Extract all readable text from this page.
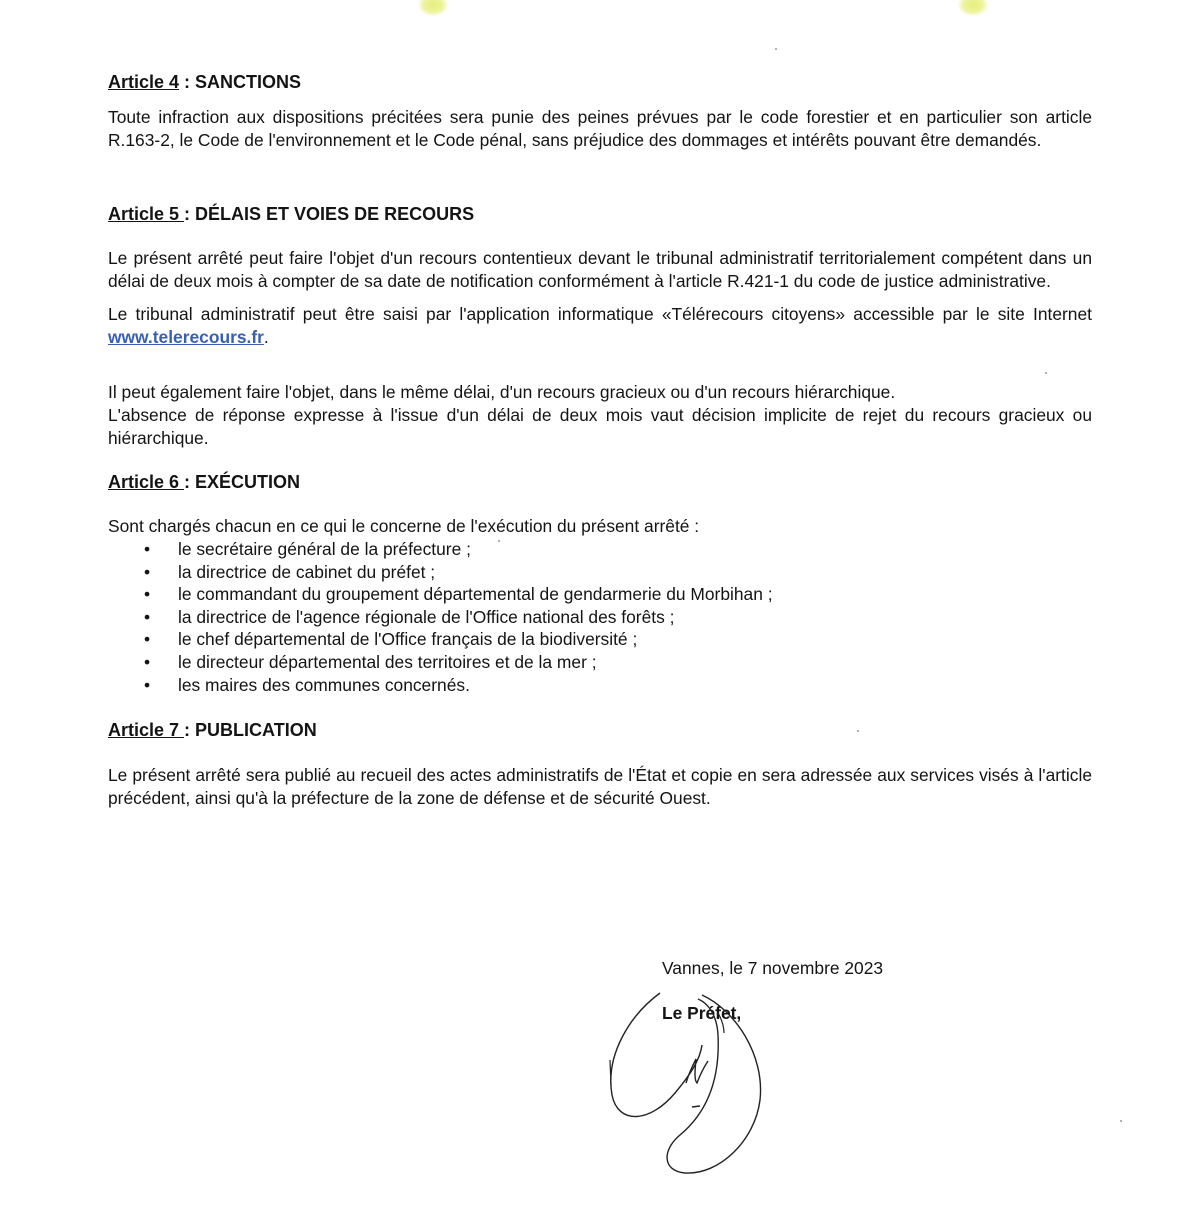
Article 4 : SANCTIONS

Toute infraction aux dispositions précitées sera punie des peines prévues par le code forestier et en particulier son article R.163-2, le Code de l'environnement et le Code pénal, sans préjudice des dommages et intérêts pouvant être demandés.

Article 5 : DÉLAIS ET VOIES DE RECOURS

Le présent arrêté peut faire l'objet d'un recours contentieux devant le tribunal administratif territorialement compétent dans un délai de deux mois à compter de sa date de notification conformément à l'article R.421-1 du code de justice administrative.

Le tribunal administratif peut être saisi par l'application informatique «Télérecours citoyens» accessible par le site Internet www.telerecours.fr.

Il peut également faire l'objet, dans le même délai, d'un recours gracieux ou d'un recours hiérarchique.

L'absence de réponse expresse à l'issue d'un délai de deux mois vaut décision implicite de rejet du recours gracieux ou hiérarchique.

Article 6 : EXÉCUTION

Sont chargés chacun en ce qui le concerne de l'exécution du présent arrêté :

• le secrétaire général de la préfecture ;
• la directrice de cabinet du préfet ;
• le commandant du groupement départemental de gendarmerie du Morbihan ;
• la directrice de l'agence régionale de l'Office national des forêts ;
• le chef départemental de l'Office français de la biodiversité ;
• le directeur départemental des territoires et de la mer ;
• les maires des communes concernés.

Article 7 : PUBLICATION

Le présent arrêté sera publié au recueil des actes administratifs de l'État et copie en sera adressée aux services visés à l'article précédent, ainsi qu'à la préfecture de la zone de défense et de sécurité Ouest.

Vannes, le 7 novembre 2023
Le Préfet,
